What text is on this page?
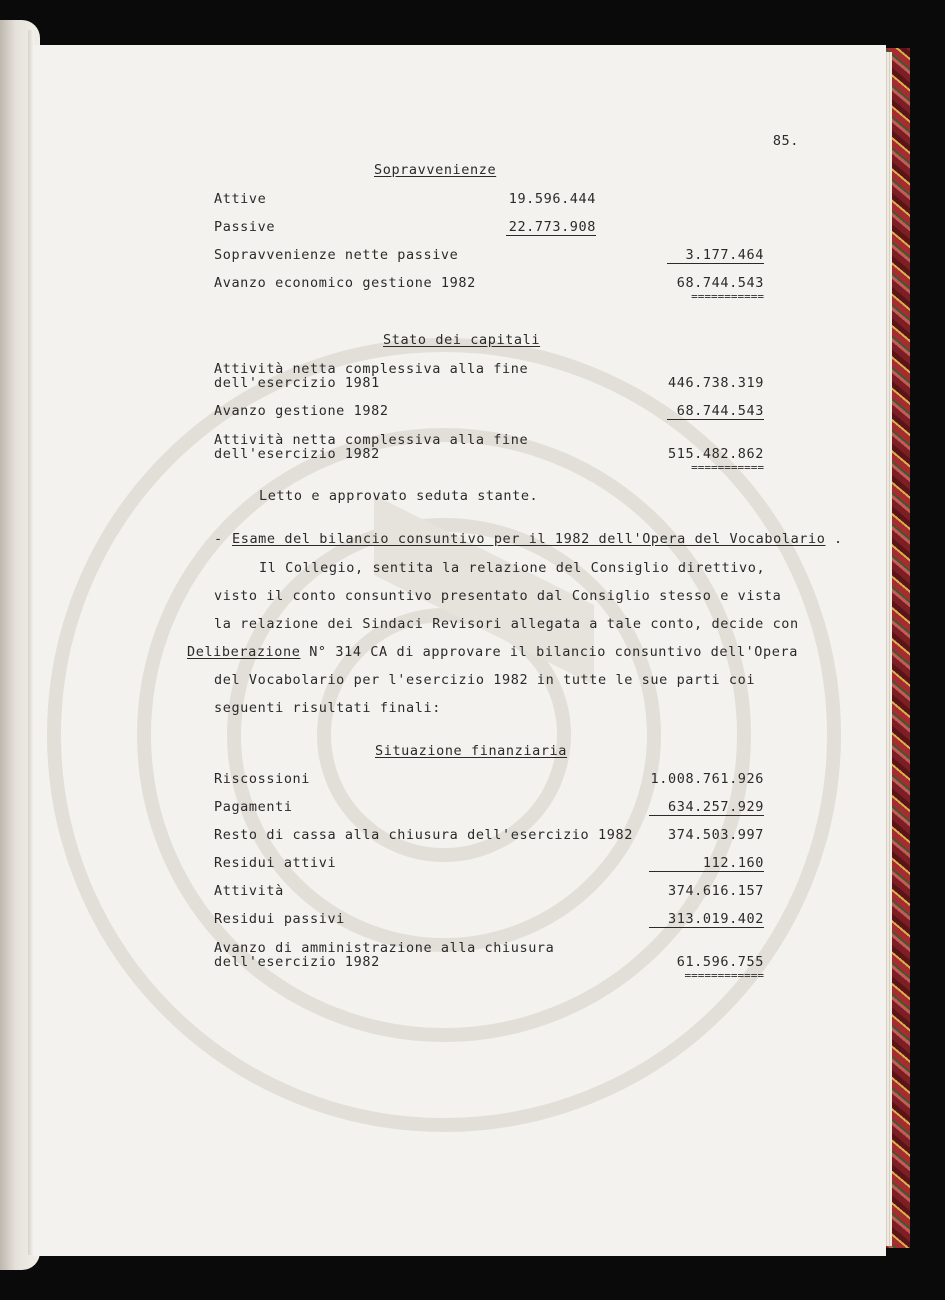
85.
Sopravvenienze
Attive	19.596.444
Passive	22.773.908
Sopravvenienze nette passive	3.177.464
Avanzo economico gestione 1982	68.744.543
===========
Stato dei capitali
Attività netta complessiva alla fine
dell'esercizio 1981	446.738.319
Avanzo gestione 1982	68.744.543
Attività netta complessiva alla fine
dell'esercizio 1982	515.482.862
===========
Letto e approvato seduta stante.
- Esame del bilancio consuntivo per il 1982 dell'Opera del Vocabolario .
Il Collegio, sentita la relazione del Consiglio direttivo,
visto il conto consuntivo presentato dal Consiglio stesso e vista
la relazione dei Sindaci Revisori allegata a tale conto, decide con
Deliberazione N° 314 CA di approvare il bilancio consuntivo dell'Opera
del Vocabolario per l'esercizio 1982 in tutte le sue parti coi
seguenti risultati finali:
Situazione finanziaria
Riscossioni	1.008.761.926
Pagamenti	634.257.929
Resto di cassa alla chiusura dell'esercizio 1982	374.503.997
Residui attivi	112.160
Attività	374.616.157
Residui passivi	313.019.402
Avanzo di amministrazione alla chiusura
dell'esercizio 1982	61.596.755
============
